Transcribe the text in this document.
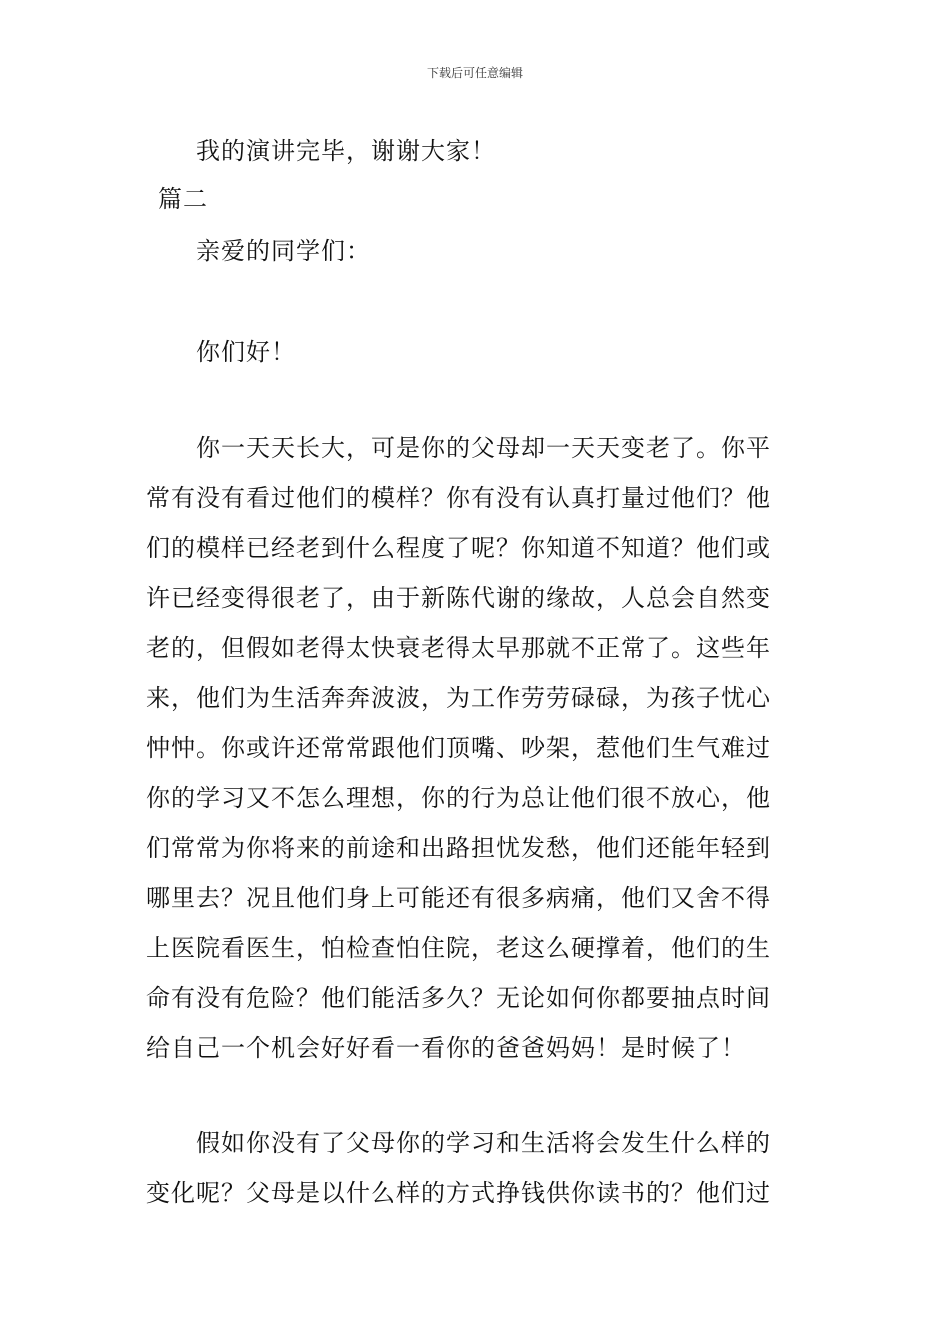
下载后可任意编辑
我的演讲完毕，谢谢大家！
篇二
亲爱的同学们：
你们好！
你一天天长大，可是你的父母却一天天变老了。你平
常有没有看过他们的模样？你有没有认真打量过他们？他
们的模样已经老到什么程度了呢？你知道不知道？他们或
许已经变得很老了，由于新陈代谢的缘故，人总会自然变
老的，但假如老得太快衰老得太早那就不正常了。这些年
来，他们为生活奔奔波波，为工作劳劳碌碌，为孩子忧心
忡忡。你或许还常常跟他们顶嘴、吵架，惹他们生气难过
你的学习又不怎么理想，你的行为总让他们很不放心，他
们常常为你将来的前途和出路担忧发愁，他们还能年轻到
哪里去？况且他们身上可能还有很多病痛，他们又舍不得
上医院看医生，怕检查怕住院，老这么硬撑着，他们的生
命有没有危险？他们能活多久？无论如何你都要抽点时间
给自己一个机会好好看一看你的爸爸妈妈！是时候了！
假如你没有了父母你的学习和生活将会发生什么样的
变化呢？父母是以什么样的方式挣钱供你读书的？他们过
